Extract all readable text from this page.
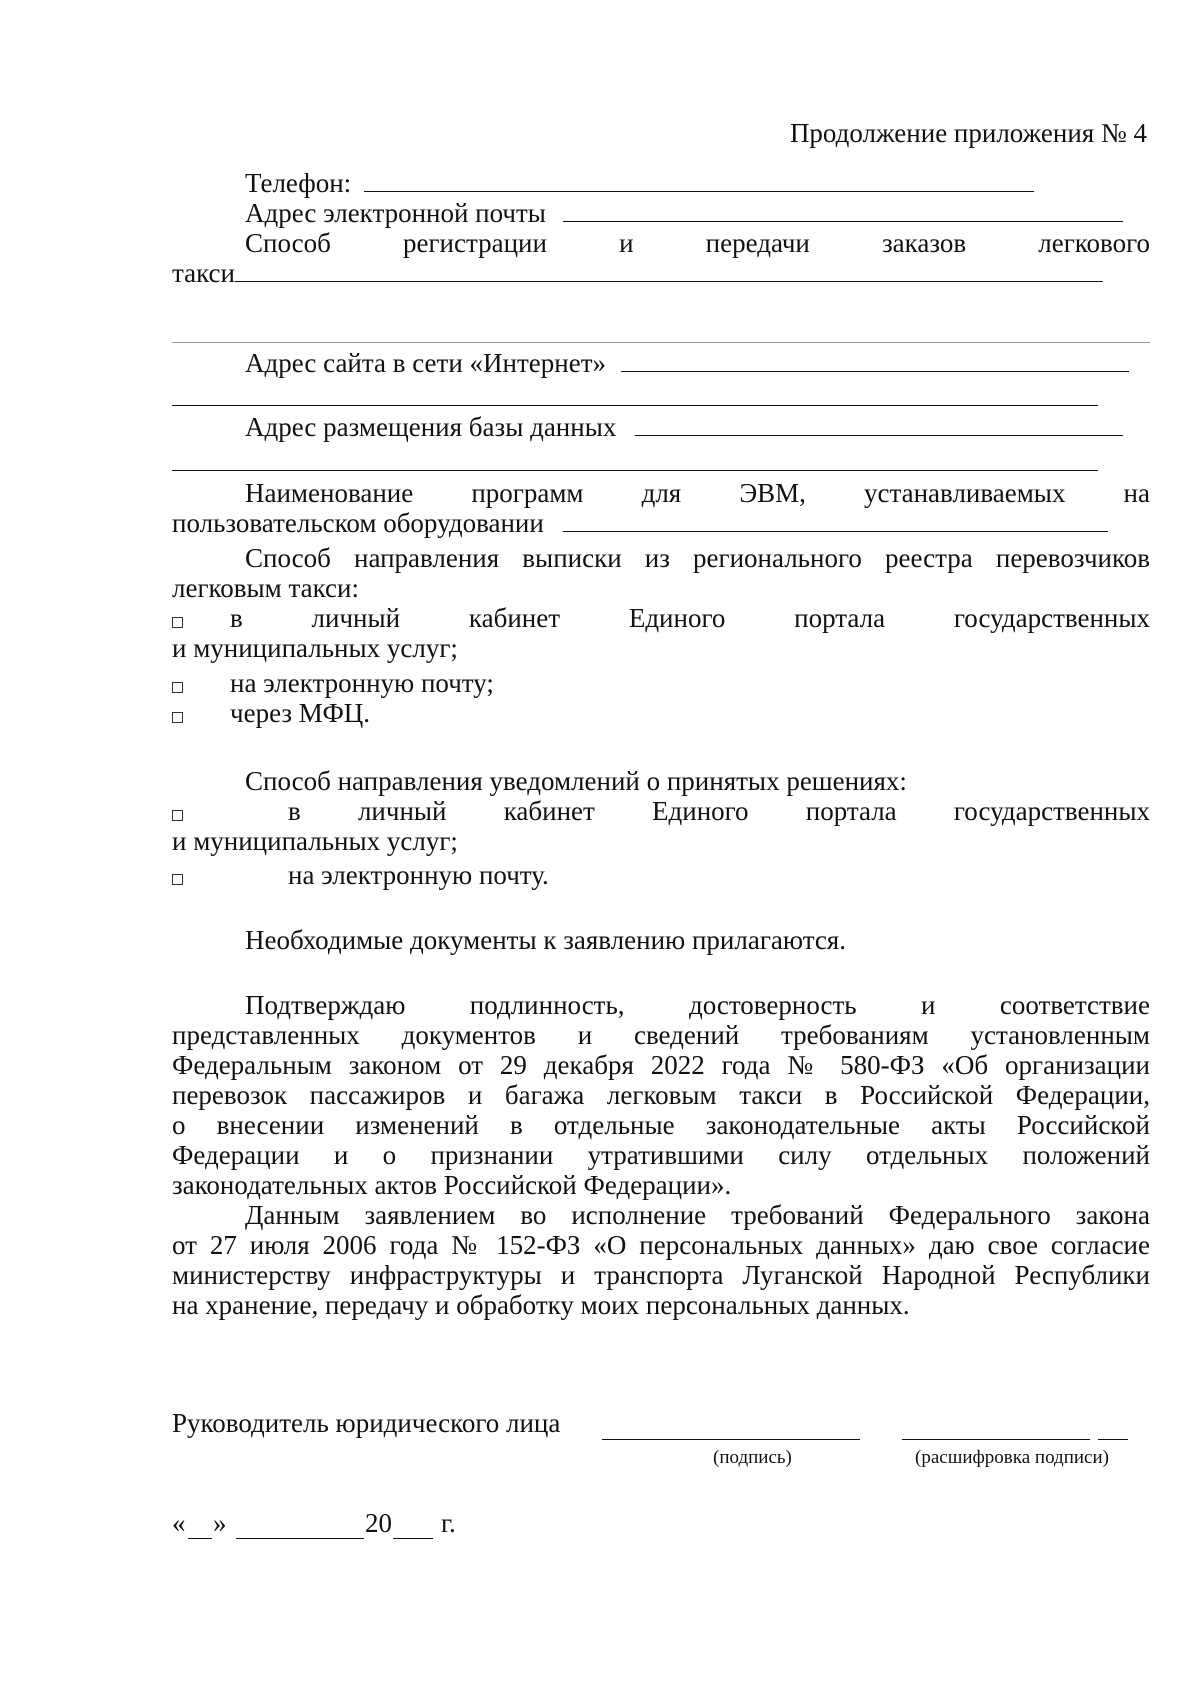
Продолжение приложения № 4
Телефон:
Адрес электронной почты
Способ	регистрации	и	передачи	заказов	легкового
такси
Адрес сайта в сети «Интернет»
Адрес размещения базы данных
Наименование программ для ЭВМ, устанавливаемых на
пользовательском оборудовании
Способ направления выписки из регионального реестра перевозчиков
легковым такси:
в личный кабинет Единого портала государственных
и муниципальных услуг;
на электронную почту;
через МФЦ.
Способ направления уведомлений о принятых решениях:
в личный кабинет Единого портала государственных
и муниципальных услуг;
на электронную почту.
Необходимые документы к заявлению прилагаются.
Подтверждаю подлинность, достоверность и соответствие
представленных документов и сведений требованиям установленным
Федеральным законом от 29 декабря 2022 года № 580-ФЗ «Об организации
перевозок пассажиров и багажа легковым такси в Российской Федерации,
о внесении изменений в отдельные законодательные акты Российской
Федерации и о признании утратившими силу отдельных положений
законодательных актов Российской Федерации».
Данным заявлением во исполнение требований Федерального закона
от 27 июля 2006 года № 152-ФЗ «О персональных данных» даю свое согласие
министерству инфраструктуры и транспорта Луганской Народной Республики
на хранение, передачу и обработку моих персональных данных.
Руководитель юридического лица
(подпись)	(расшифровка подписи)
« »	20 г.
